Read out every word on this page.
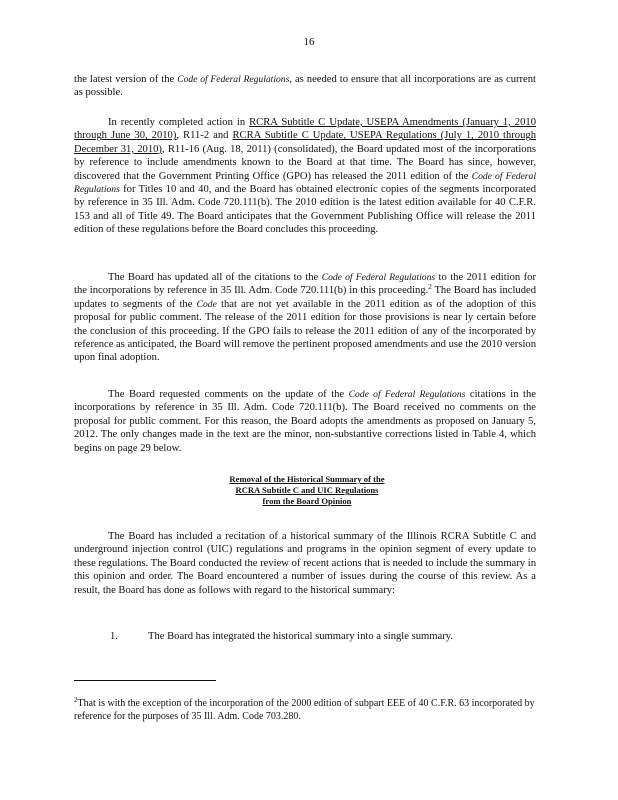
16

the latest version of the Code of Federal Regulations, as needed to ensure that all incorporations are as current as possible.

In recently completed action in RCRA Subtitle C Update, USEPA Amendments (January 1, 2010 through June 30, 2010), R11-2 and RCRA Subtitle C Update, USEPA Regulations (July 1, 2010 through December 31, 2010), R11-16 (Aug. 18, 2011) (consolidated), the Board updated most of the incorporations by reference to include amendments known to the Board at that time. The Board has since, however, discovered that the Government Printing Office (GPO) has released the 2011 edition of the Code of Federal Regulations for Titles 10 and 40, and the Board has obtained electronic copies of the segments incorporated by reference in 35 Ill. Adm. Code 720.111(b). The 2010 edition is the latest edition available for 40 C.F.R. 153 and all of Title 49. The Board anticipates that the Government Publishing Office will release the 2011 edition of these regulations before the Board concludes this proceeding.

The Board has updated all of the citations to the Code of Federal Regulations to the 2011 edition for the incorporations by reference in 35 Ill. Adm. Code 720.111(b) in this proceeding.$^2$ The Board has included updates to segments of the Code that are not yet available in the 2011 edition as of the adoption of this proposal for public comment. The release of the 2011 edition for those provisions is near ly certain before the conclusion of this proceeding. If the GPO fails to release the 2011 edition of any of the incorporated by reference as anticipated, the Board will remove the pertinent proposed amendments and use the 2010 version upon final adoption.

The Board requested comments on the update of the Code of Federal Regulations citations in the incorporations by reference in 35 Ill. Adm. Code 720.111(b). The Board received no comments on the proposal for public comment. For this reason, the Board adopts the amendments as proposed on January 5, 2012. The only changes made in the text are the minor, non-substantive corrections listed in Table 4, which begins on page 29 below.

Removal of the Historical Summary of the
RCRA Subtitle C and UIC Regulations
from the Board Opinion

The Board has included a recitation of a historical summary of the Illinois RCRA Subtitle C and underground injection control (UIC) regulations and programs in the opinion segment of every update to these regulations. The Board conducted the review of recent actions that is needed to include the summary in this opinion and order. The Board encountered a number of issues during the course of this review. As a result, the Board has done as follows with regard to the historical summary:

1.	The Board has integrated the historical summary into a single summary.
$^2$That is with the exception of the incorporation of the 2000 edition of subpart EEE of 40 C.F.R. 63 incorporated by reference for the purposes of 35 Ill. Adm. Code 703.280.
